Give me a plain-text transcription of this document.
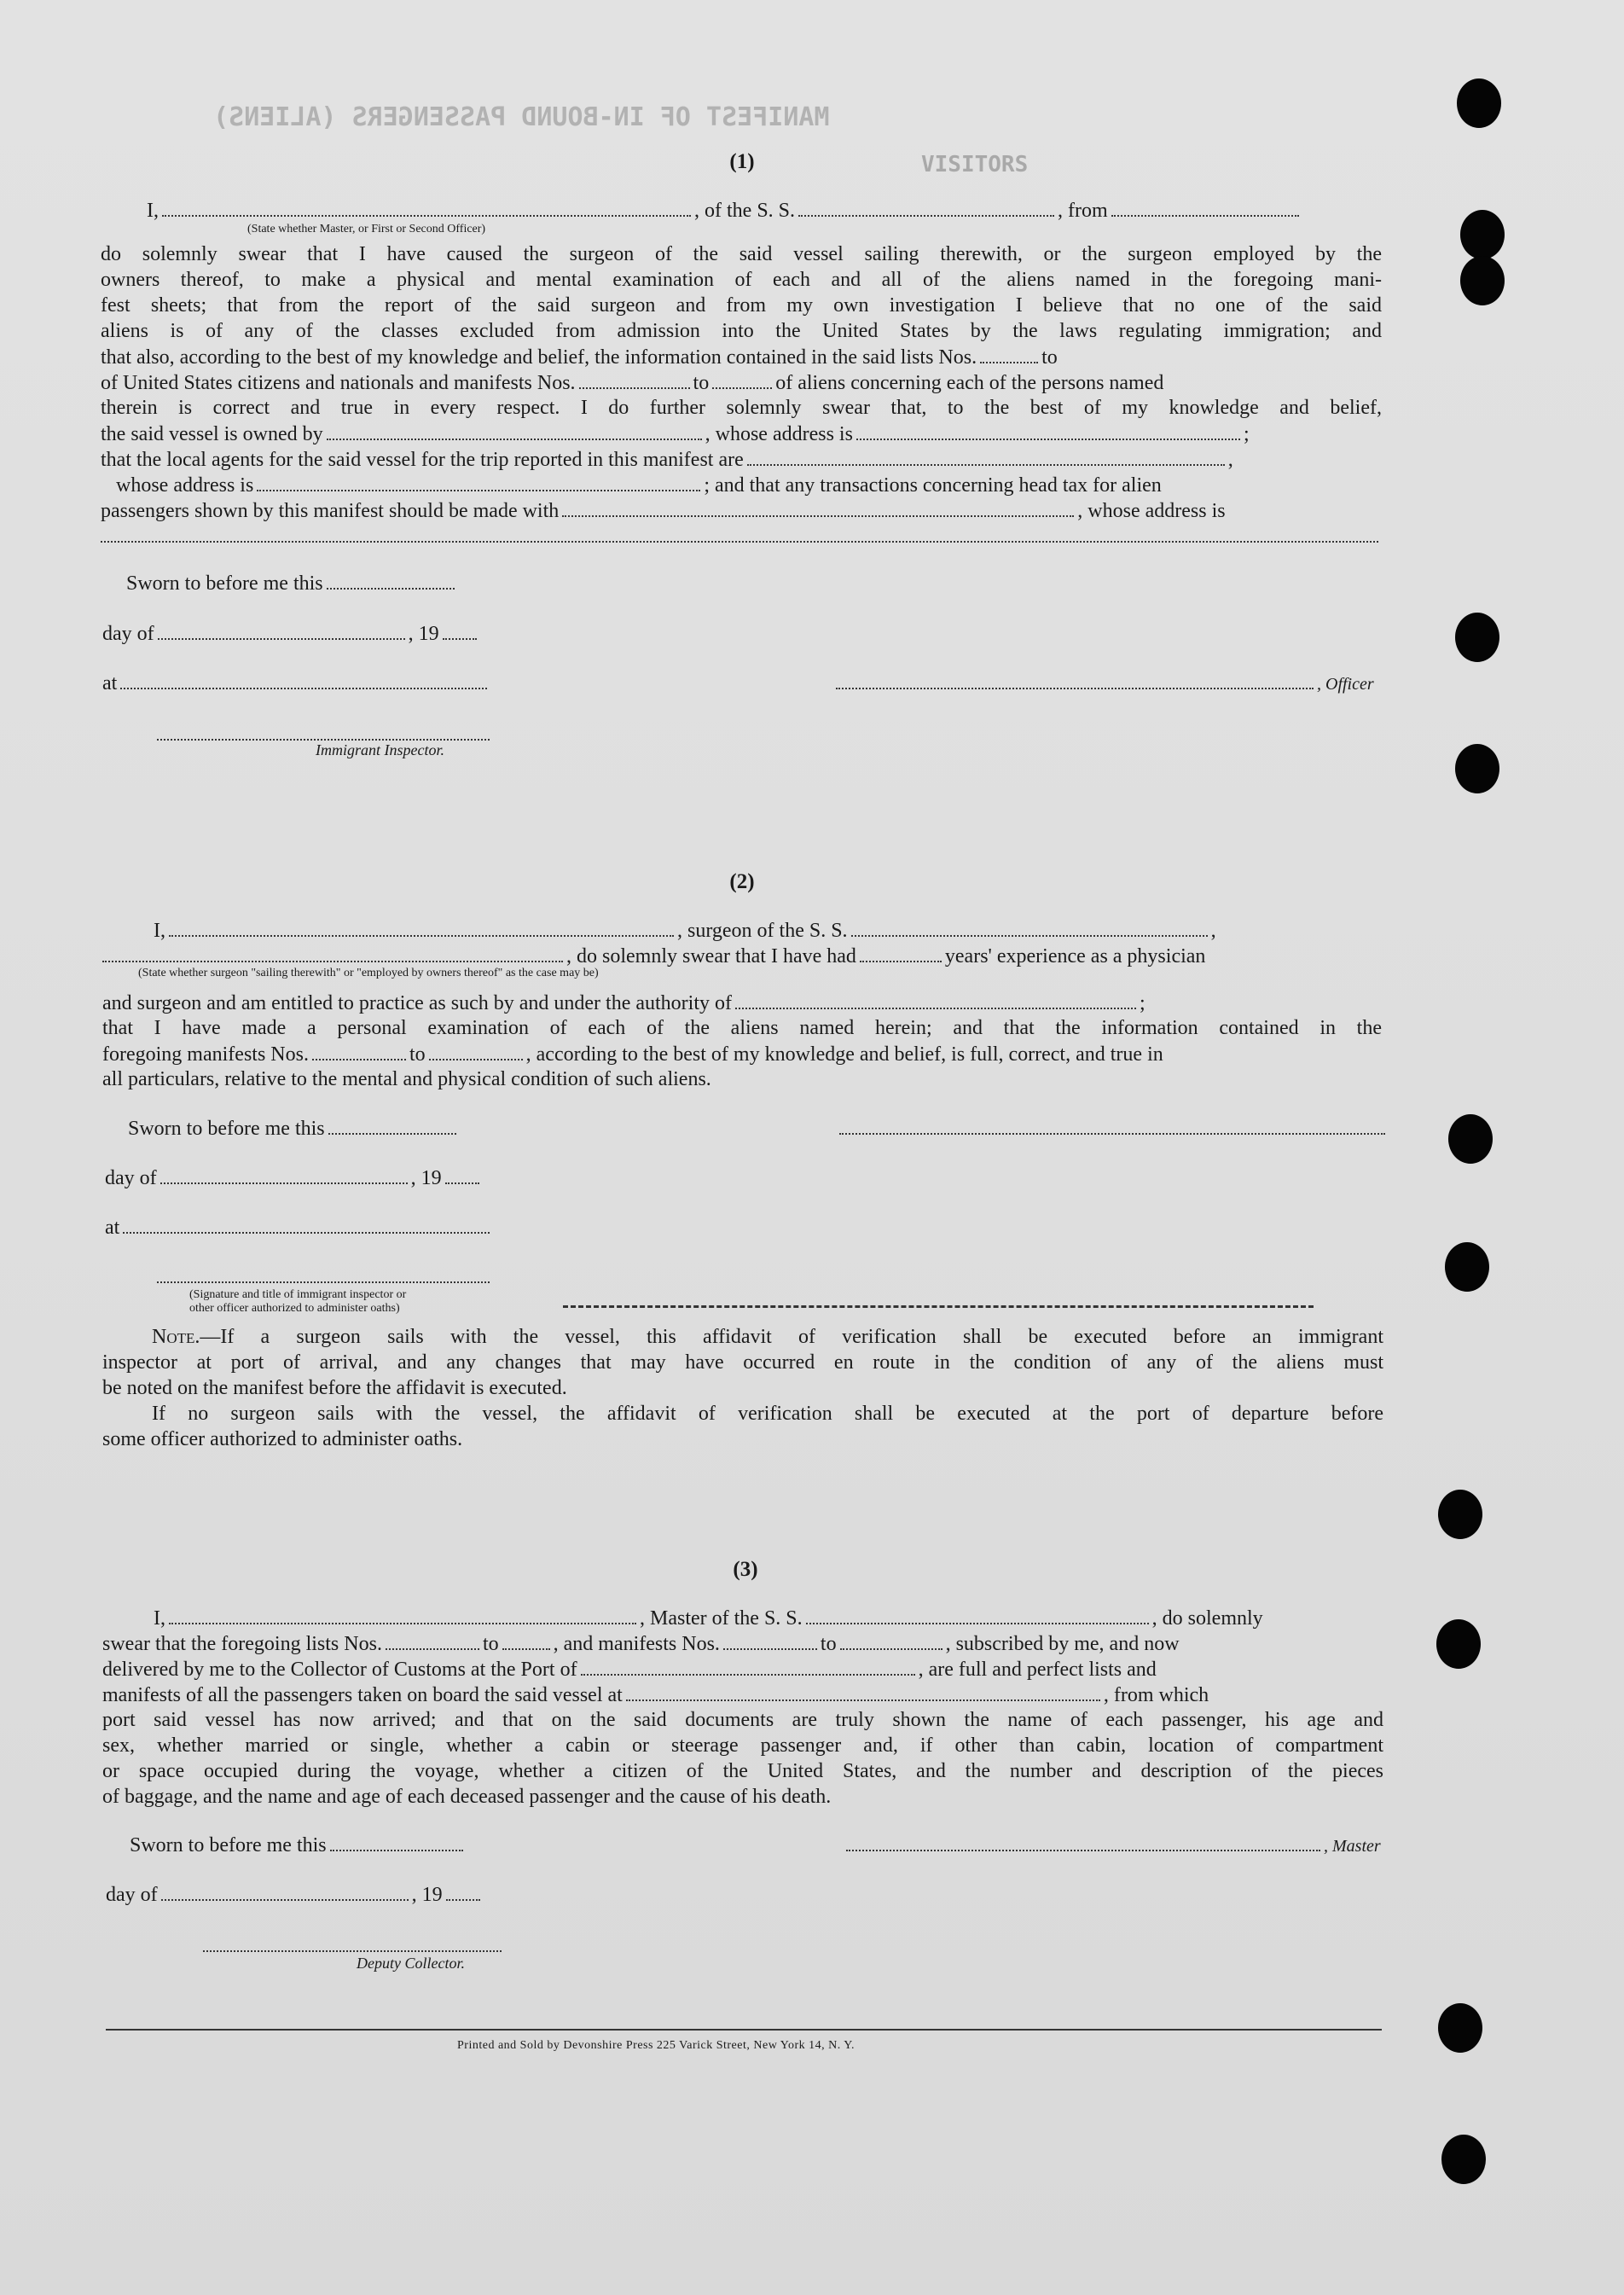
MANIFEST OF IN-BOUND PASSENGERS (ALIENS)
VISITORS
(1)
I,	, of the S. S.	, from
(State whether Master, or First or Second Officer)
do solemnly swear that I have caused the surgeon of the said vessel sailing therewith, or the surgeon employed by the
owners thereof, to make a physical and mental examination of each and all of the aliens named in the foregoing mani-
fest sheets; that from the report of the said surgeon and from my own investigation I believe that no one of the said
aliens is of any of the classes excluded from admission into the United States by the laws regulating immigration; and
that also, according to the best of my knowledge and belief, the information contained in the said lists Nos.	to
of United States citizens and nationals and manifests Nos.	to	of aliens concerning each of the persons named
therein is correct and true in every respect. I do further solemnly swear that, to the best of my knowledge and belief,
the said vessel is owned by	, whose address is	;
that the local agents for the said vessel for the trip reported in this manifest are	,
whose address is	; and that any transactions concerning head tax for alien
passengers shown by this manifest should be made with	, whose address is
Sworn to before me this
day of	, 19
at	, Officer
Immigrant Inspector.
(2)
I,	, surgeon of the S. S.	,
, do solemnly swear that I have had	years' experience as a physician
(State whether surgeon "sailing therewith" or "employed by owners thereof" as the case may be)
and surgeon and am entitled to practice as such by and under the authority of	;
that I have made a personal examination of each of the aliens named herein; and that the information contained in the
foregoing manifests Nos.	to	, according to the best of my knowledge and belief, is full, correct, and true in
all particulars, relative to the mental and physical condition of such aliens.
Sworn to before me this
day of	, 19
at
(Signature and title of immigrant inspector or
other officer authorized to administer oaths)
Note.—If a surgeon sails with the vessel, this affidavit of verification shall be executed before an immigrant
inspector at port of arrival, and any changes that may have occurred en route in the condition of any of the aliens must
be noted on the manifest before the affidavit is executed.
If no surgeon sails with the vessel, the affidavit of verification shall be executed at the port of departure before
some officer authorized to administer oaths.
(3)
I,	, Master of the S. S.	, do solemnly
swear that the foregoing lists Nos.	to	, and manifests Nos.	to	, subscribed by me, and now
delivered by me to the Collector of Customs at the Port of	, are full and perfect lists and
manifests of all the passengers taken on board the said vessel at	, from which
port said vessel has now arrived; and that on the said documents are truly shown the name of each passenger, his age and
sex, whether married or single, whether a cabin or steerage passenger and, if other than cabin, location of compartment
or space occupied during the voyage, whether a citizen of the United States, and the number and description of the pieces
of baggage, and the name and age of each deceased passenger and the cause of his death.
Sworn to before me this	, Master
day of	, 19
Deputy Collector.
Printed and Sold by Devonshire Press 225 Varick Street, New York 14, N. Y.
